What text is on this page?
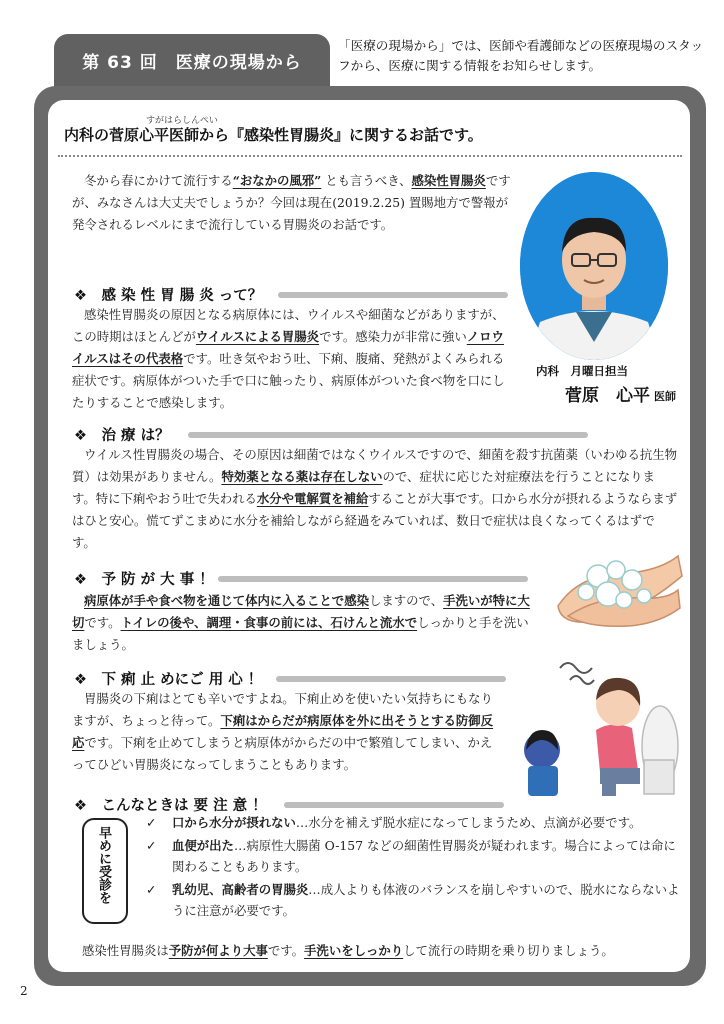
第 63 回　医療の現場から
「医療の現場から」では、医師や看護師などの医療現場のスタッフから、医療に関する情報をお知らせします。
すがはらしんぺい
内科の菅原心平医師から『感染性胃腸炎』に関するお話です。
冬から春にかけて流行する“おなかの風邪” とも言うべき、感染性胃腸炎ですが、みなさんは大丈夫でしょうか？今回は現在(2019.2.25) 置賜地方で警報が発令されるレベルにまで流行している胃腸炎のお話です。
内科　月曜日担当
菅原　心平 医師
❖　感 染 性 胃 腸 炎 って？
感染性胃腸炎の原因となる病原体には、ウイルスや細菌などがありますが、この時期はほとんどがウイルスによる胃腸炎です。感染力が非常に強いノロウイルスはその代表格です。吐き気やおう吐、下痢、腹痛、発熱がよくみられる症状です。病原体がついた手で口に触ったり、病原体がついた食べ物を口にしたりすることで感染します。
❖　治 療 は？
ウイルス性胃腸炎の場合、その原因は細菌ではなくウイルスですので、細菌を殺す抗菌薬（いわゆる抗生物質）は効果がありません。特効薬となる薬は存在しないので、症状に応じた対症療法を行うことになります。特に下痢やおう吐で失われる水分や電解質を補給することが大事です。口から水分が摂れるようならまずはひと安心。慌てずこまめに水分を補給しながら経過をみていれば、数日で症状は良くなってくるはずです。
❖　予 防 が 大 事 ！
病原体が手や食べ物を通じて体内に入ることで感染しますので、手洗いが特に大切です。トイレの後や、調理・食事の前には、石けんと流水でしっかりと手を洗いましょう。
❖　下 痢 止 めにご 用 心 ！
胃腸炎の下痢はとても辛いですよね。下痢止めを使いたい気持ちにもなりますが、ちょっと待って。下痢はからだが病原体を外に出そうとする防御反応です。下痢を止めてしまうと病原体がからだの中で繁殖してしまい、かえってひどい胃腸炎になってしまうこともあります。
❖　こんなときは 要 注 意 ！
早めに受診を
✓ 口から水分が摂れない…水分を補えず脱水症になってしまうため、点滴が必要です。
✓ 血便が出た…病原性大腸菌 O-157 などの細菌性胃腸炎が疑われます。場合によっては命に関わることもあります。
✓ 乳幼児、高齢者の胃腸炎…成人よりも体液のバランスを崩しやすいので、脱水にならないように注意が必要です。
感染性胃腸炎は予防が何より大事です。手洗いをしっかりして流行の時期を乗り切りましょう。
2
